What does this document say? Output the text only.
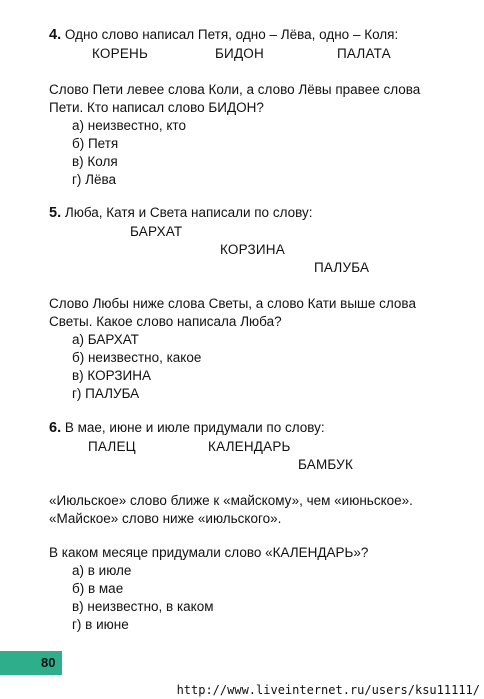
4. Одно слово написал Петя, одно – Лёва, одно – Коля:
КОРЕНЬ	БИДОН	ПАЛАТА
Слово Пети левее слова Коли, а слово Лёвы правее слова
Пети. Кто написал слово БИДОН?
а) неизвестно, кто
б) Петя
в) Коля
г) Лёва
5. Люба, Катя и Света написали по слову:
БАРХАТ
КОРЗИНА
ПАЛУБА
Слово Любы ниже слова Светы, а слово Кати выше слова
Светы. Какое слово написала Люба?
а) БАРХАТ
б) неизвестно, какое
в) КОРЗИНА
г) ПАЛУБА
6. В мае, июне и июле придумали по слову:
ПАЛЕЦ	КАЛЕНДАРЬ
БАМБУК
«Июльское» слово ближе к «майскому», чем «июньское».
«Майское» слово ниже «июльского».
В каком месяце придумали слово «КАЛЕНДАРЬ»?
а) в июле
б) в мае
в) неизвестно, в каком
г) в июне
80
http://www.liveinternet.ru/users/ksu11111/
